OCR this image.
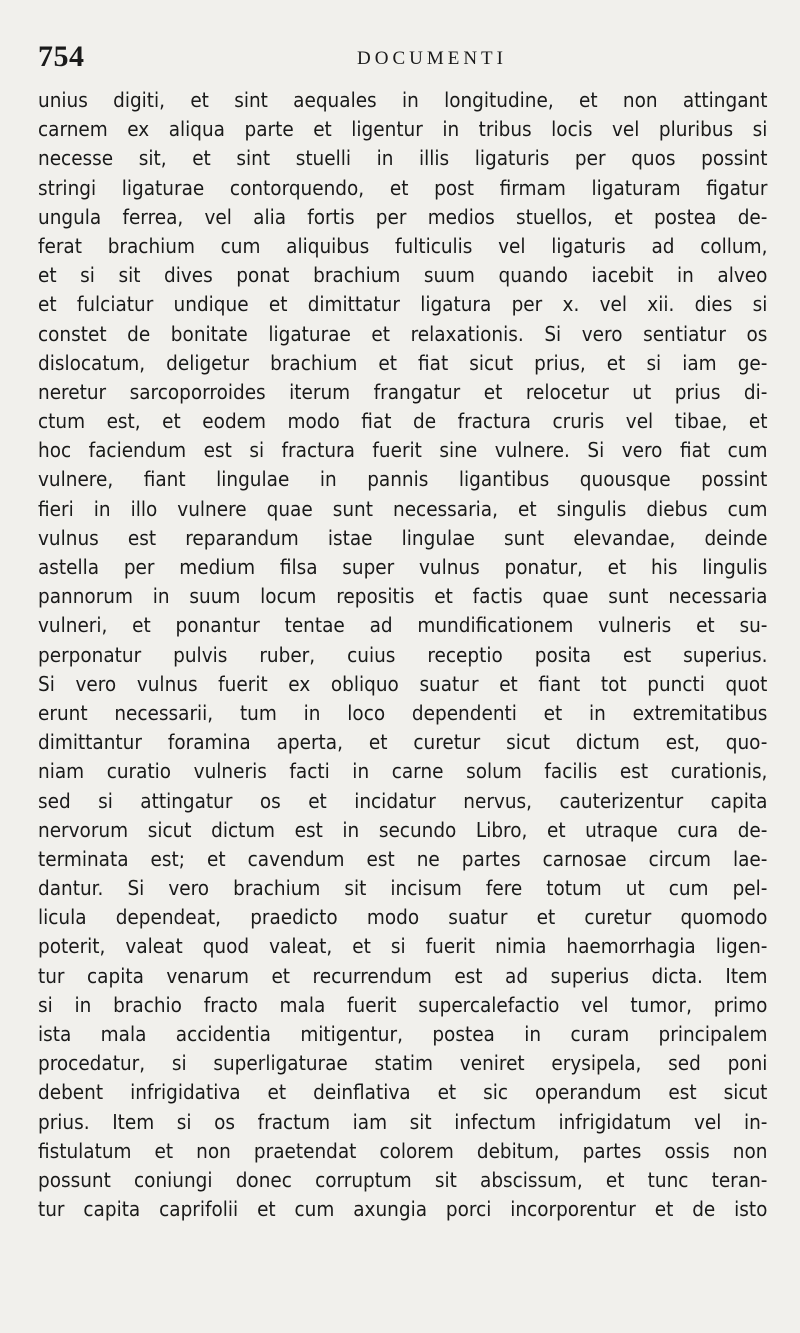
754	DOCUMENTI
unius digiti, et sint aequales in longitudine, et non attingant
carnem ex aliqua parte et ligentur in tribus locis vel pluribus si
necesse sit, et sint stuelli in illis ligaturis per quos possint
stringi ligaturae contorquendo, et post firmam ligaturam figatur
ungula ferrea, vel alia fortis per medios stuellos, et postea de-
ferat brachium cum aliquibus fulticulis vel ligaturis ad collum,
et si sit dives ponat brachium suum quando iacebit in alveo
et fulciatur undique et dimittatur ligatura per x. vel xii. dies si
constet de bonitate ligaturae et relaxationis. Si vero sentiatur os
dislocatum, deligetur brachium et fiat sicut prius, et si iam ge-
neretur sarcoporroides iterum frangatur et relocetur ut prius di-
ctum est, et eodem modo fiat de fractura cruris vel tibae, et
hoc faciendum est si fractura fuerit sine vulnere. Si vero fiat cum
vulnere, fiant lingulae in pannis ligantibus quousque possint
fieri in illo vulnere quae sunt necessaria, et singulis diebus cum
vulnus est reparandum istae lingulae sunt elevandae, deinde
astella per medium filsa super vulnus ponatur, et his lingulis
pannorum in suum locum repositis et factis quae sunt necessaria
vulneri, et ponantur tentae ad mundificationem vulneris et su-
perponatur pulvis ruber, cuius receptio posita est superius.
Si vero vulnus fuerit ex obliquo suatur et fiant tot puncti quot
erunt necessarii, tum in loco dependenti et in extremitatibus
dimittantur foramina aperta, et curetur sicut dictum est, quo-
niam curatio vulneris facti in carne solum facilis est curationis,
sed si attingatur os et incidatur nervus, cauterizentur capita
nervorum sicut dictum est in secundo Libro, et utraque cura de-
terminata est; et cavendum est ne partes carnosae circum lae-
dantur. Si vero brachium sit incisum fere totum ut cum pel-
licula dependeat, praedicto modo suatur et curetur quomodo
poterit, valeat quod valeat, et si fuerit nimia haemorrhagia ligen-
tur capita venarum et recurrendum est ad superius dicta. Item
si in brachio fracto mala fuerit supercalefactio vel tumor, primo
ista mala accidentia mitigentur, postea in curam principalem
procedatur, si superligaturae statim veniret erysipela, sed poni
debent infrigidativa et deinflativa et sic operandum est sicut
prius. Item si os fractum iam sit infectum infrigidatum vel in-
fistulatum et non praetendat colorem debitum, partes ossis non
possunt coniungi donec corruptum sit abscissum, et tunc teran-
tur capita caprifolii et cum axungia porci incorporentur et de isto
